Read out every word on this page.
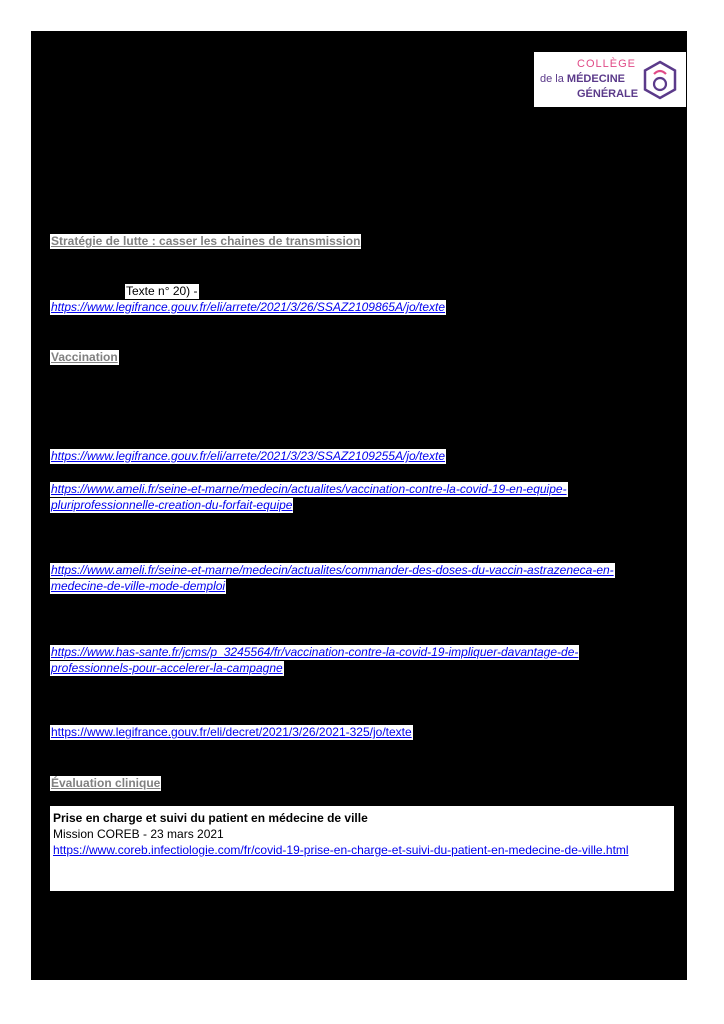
COLLÈGE
de la MÉDECINE
GÉNÉRALE
Stratégie de lutte : casser les chaines de transmission
Texte n° 20) -
https://www.legifrance.gouv.fr/eli/arrete/2021/3/26/SSAZ2109865A/jo/texte
Vaccination
https://www.legifrance.gouv.fr/eli/arrete/2021/3/23/SSAZ2109255A/jo/texte
https://www.ameli.fr/seine-et-marne/medecin/actualites/vaccination-contre-la-covid-19-en-equipe-
pluriprofessionnelle-creation-du-forfait-equipe
https://www.ameli.fr/seine-et-marne/medecin/actualites/commander-des-doses-du-vaccin-astrazeneca-en-
medecine-de-ville-mode-demploi
https://www.has-sante.fr/jcms/p_3245564/fr/vaccination-contre-la-covid-19-impliquer-davantage-de-
professionnels-pour-accelerer-la-campagne
https://www.legifrance.gouv.fr/eli/decret/2021/3/26/2021-325/jo/texte
Évaluation clinique
Prise en charge et suivi du patient en médecine de ville
Mission COREB - 23 mars 2021
https://www.coreb.infectiologie.com/fr/covid-19-prise-en-charge-et-suivi-du-patient-en-medecine-de-ville.html
